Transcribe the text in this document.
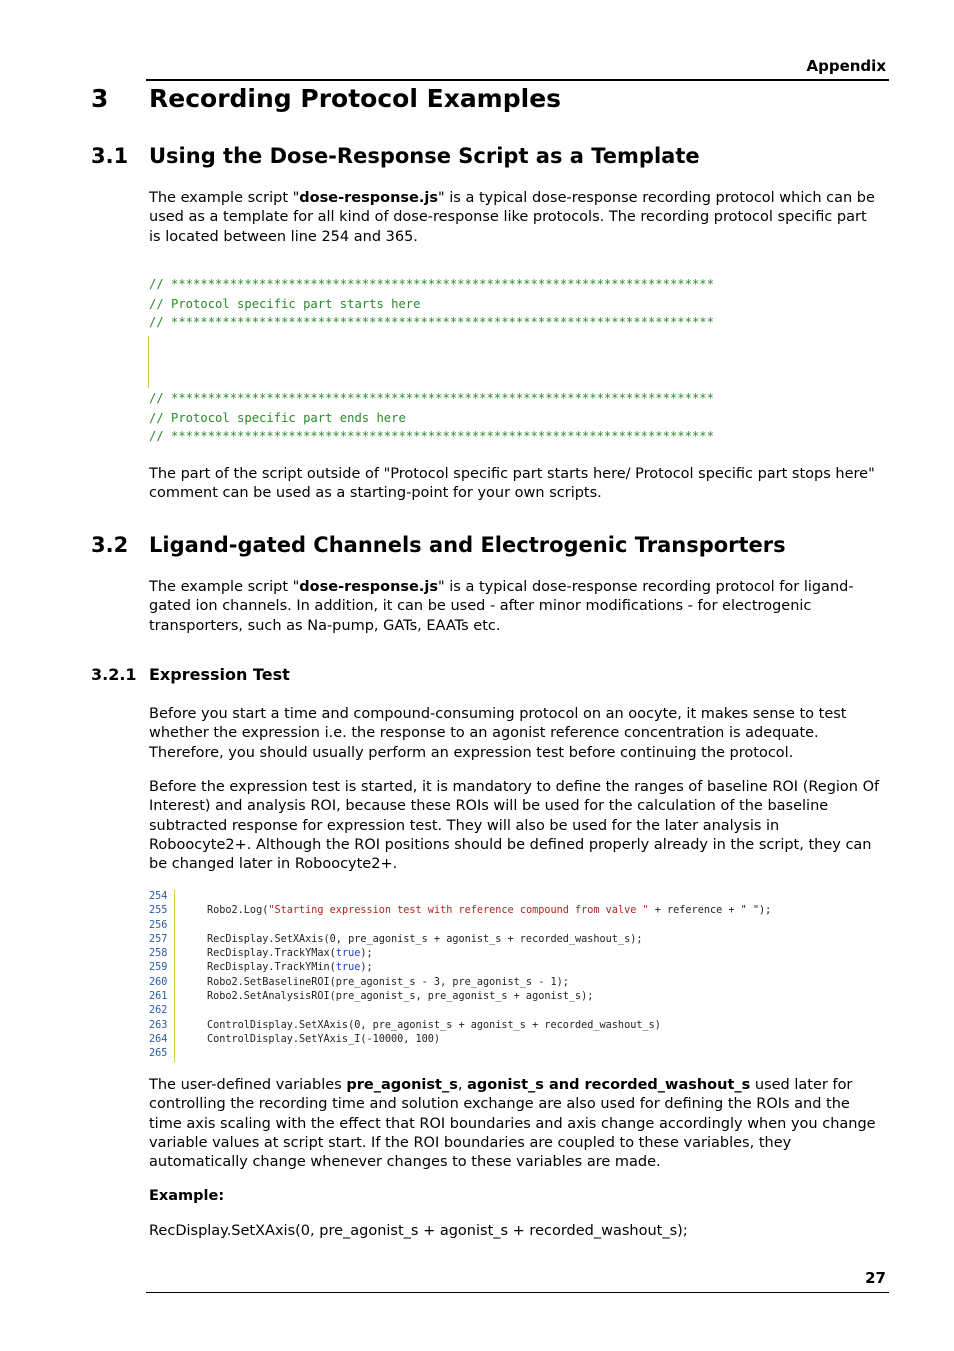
Appendix
3 Recording Protocol Examples
3.1 Using the Dose-Response Script as a Template
The example script "dose-response.js" is a typical dose-response recording protocol which can be used as a template for all kind of dose-response like protocols. The recording protocol specific part is located between line 254 and 365.
// **************************************************************************
// Protocol specific part starts here
// **************************************************************************
// **************************************************************************
// Protocol specific part ends here
// **************************************************************************
The part of the script outside of "Protocol specific part starts here/ Protocol specific part stops here" comment can be used as a starting-point for your own scripts.
3.2 Ligand-gated Channels and Electrogenic Transporters
The example script "dose-response.js" is a typical dose-response recording protocol for ligand-gated ion channels. In addition, it can be used - after minor modifications - for electrogenic transporters, such as Na-pump, GATs, EAATs etc.
3.2.1 Expression Test
Before you start a time and compound-consuming protocol on an oocyte, it makes sense to test whether the expression i.e. the response to an agonist reference concentration is adequate. Therefore, you should usually perform an expression test before continuing the protocol.
Before the expression test is started, it is mandatory to define the ranges of baseline ROI (Region Of Interest) and analysis ROI, because these ROIs will be used for the calculation of the baseline subtracted response for expression test. They will also be used for the later analysis in Roboocyte2+. Although the ROI positions should be defined properly already in the script, they can be changed later in Roboocyte2+.
254
255	Robo2.Log("Starting expression test with reference compound from valve " + reference + " ");
256
257	RecDisplay.SetXAxis(0, pre_agonist_s + agonist_s + recorded_washout_s);
258	RecDisplay.TrackYMax(true);
259	RecDisplay.TrackYMin(true);
260	Robo2.SetBaselineROI(pre_agonist_s - 3, pre_agonist_s - 1);
261	Robo2.SetAnalysisROI(pre_agonist_s, pre_agonist_s + agonist_s);
262
263	ControlDisplay.SetXAxis(0, pre_agonist_s + agonist_s + recorded_washout_s)
264	ControlDisplay.SetYAxis_I(-10000, 100)
265
The user-defined variables pre_agonist_s, agonist_s and recorded_washout_s used later for controlling the recording time and solution exchange are also used for defining the ROIs and the time axis scaling with the effect that ROI boundaries and axis change accordingly when you change variable values at script start. If the ROI boundaries are coupled to these variables, they automatically change whenever changes to these variables are made.
Example:
RecDisplay.SetXAxis(0, pre_agonist_s + agonist_s + recorded_washout_s);
27
